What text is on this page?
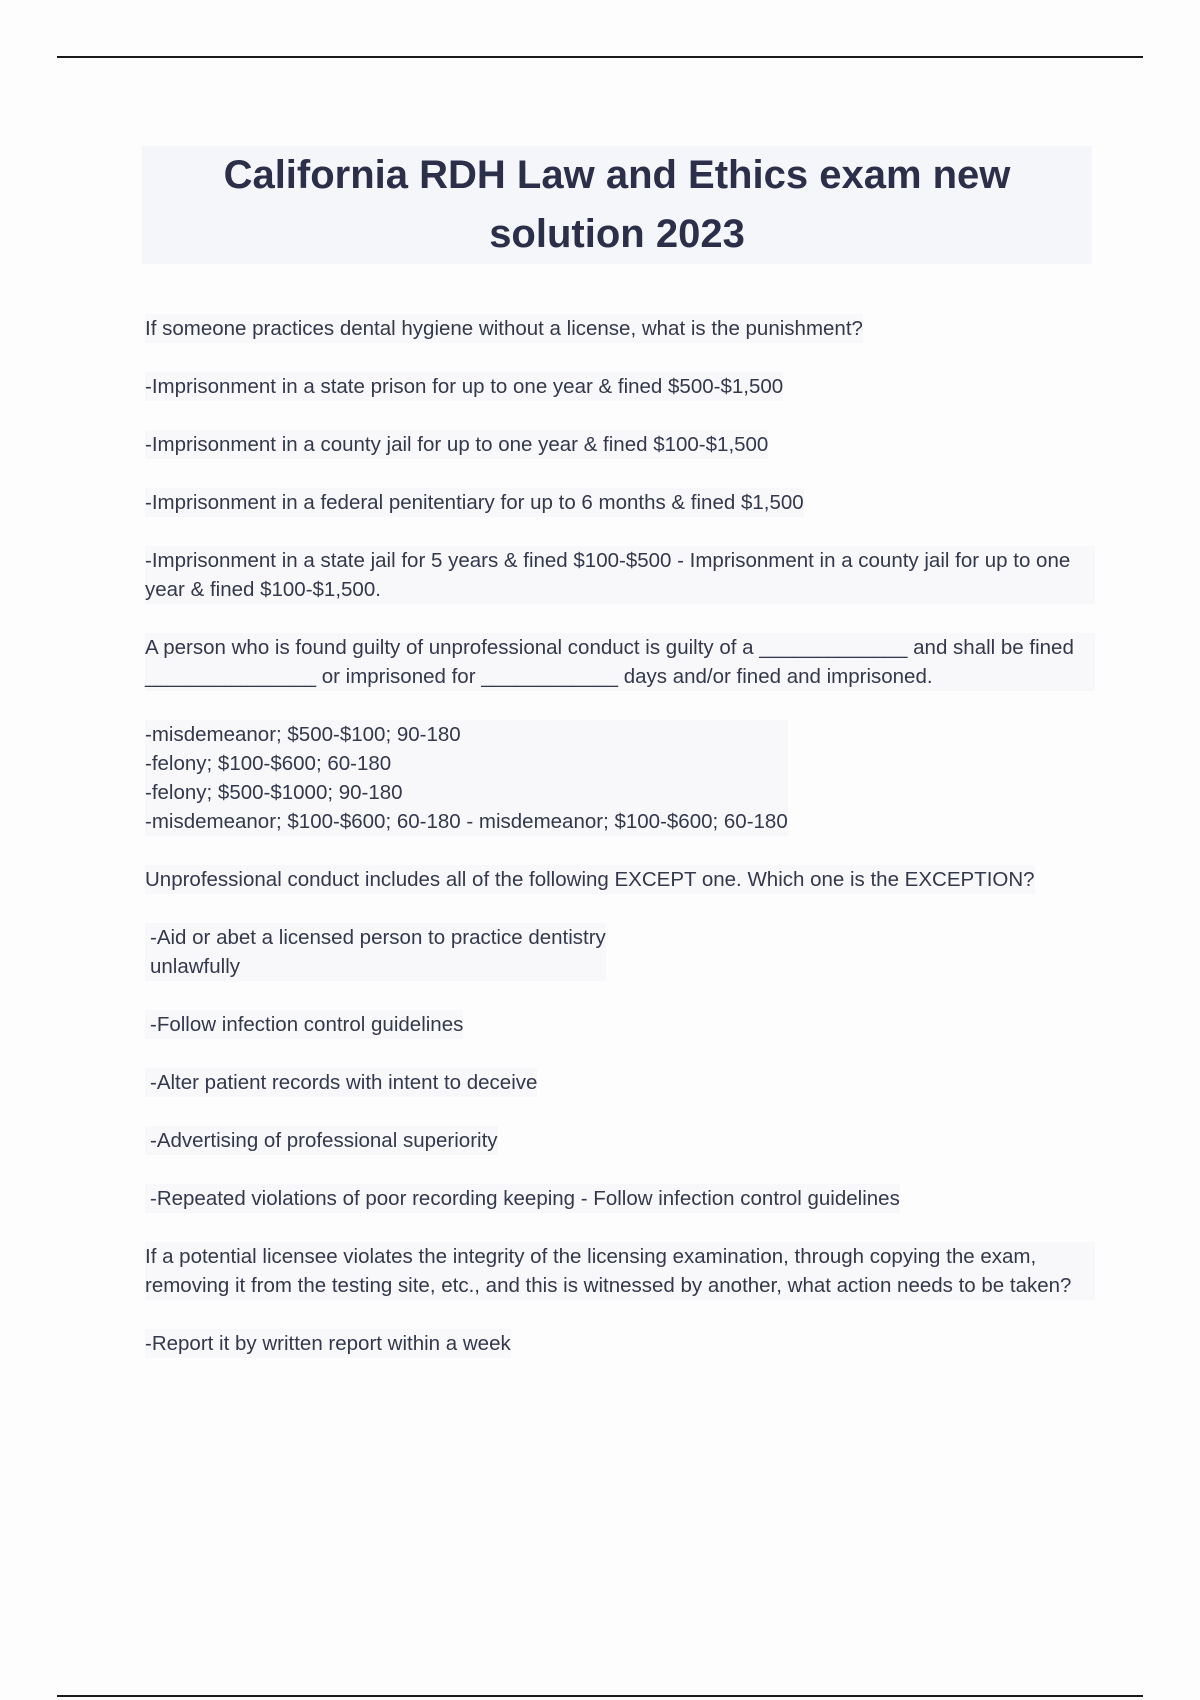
California RDH Law and Ethics exam new solution 2023
If someone practices dental hygiene without a license, what is the punishment?
-Imprisonment in a state prison for up to one year & fined $500-$1,500
-Imprisonment in a county jail for up to one year & fined $100-$1,500
-Imprisonment in a federal penitentiary for up to 6 months & fined $1,500
-Imprisonment in a state jail for 5 years & fined $100-$500 - Imprisonment in a county jail for up to one year & fined $100-$1,500.
A person who is found guilty of unprofessional conduct is guilty of a _____________ and shall be fined _______________ or imprisoned for ____________ days and/or fined and imprisoned.
-misdemeanor; $500-$100; 90-180
-felony; $100-$600; 60-180
-felony; $500-$1000; 90-180
-misdemeanor; $100-$600; 60-180 - misdemeanor; $100-$600; 60-180
Unprofessional conduct includes all of the following EXCEPT one. Which one is the EXCEPTION?
-Aid or abet a licensed person to practice dentistry
unlawfully
-Follow infection control guidelines
-Alter patient records with intent to deceive
-Advertising of professional superiority
-Repeated violations of poor recording keeping - Follow infection control guidelines
If a potential licensee violates the integrity of the licensing examination, through copying the exam, removing it from the testing site, etc., and this is witnessed by another, what action needs to be taken?
-Report it by written report within a week
